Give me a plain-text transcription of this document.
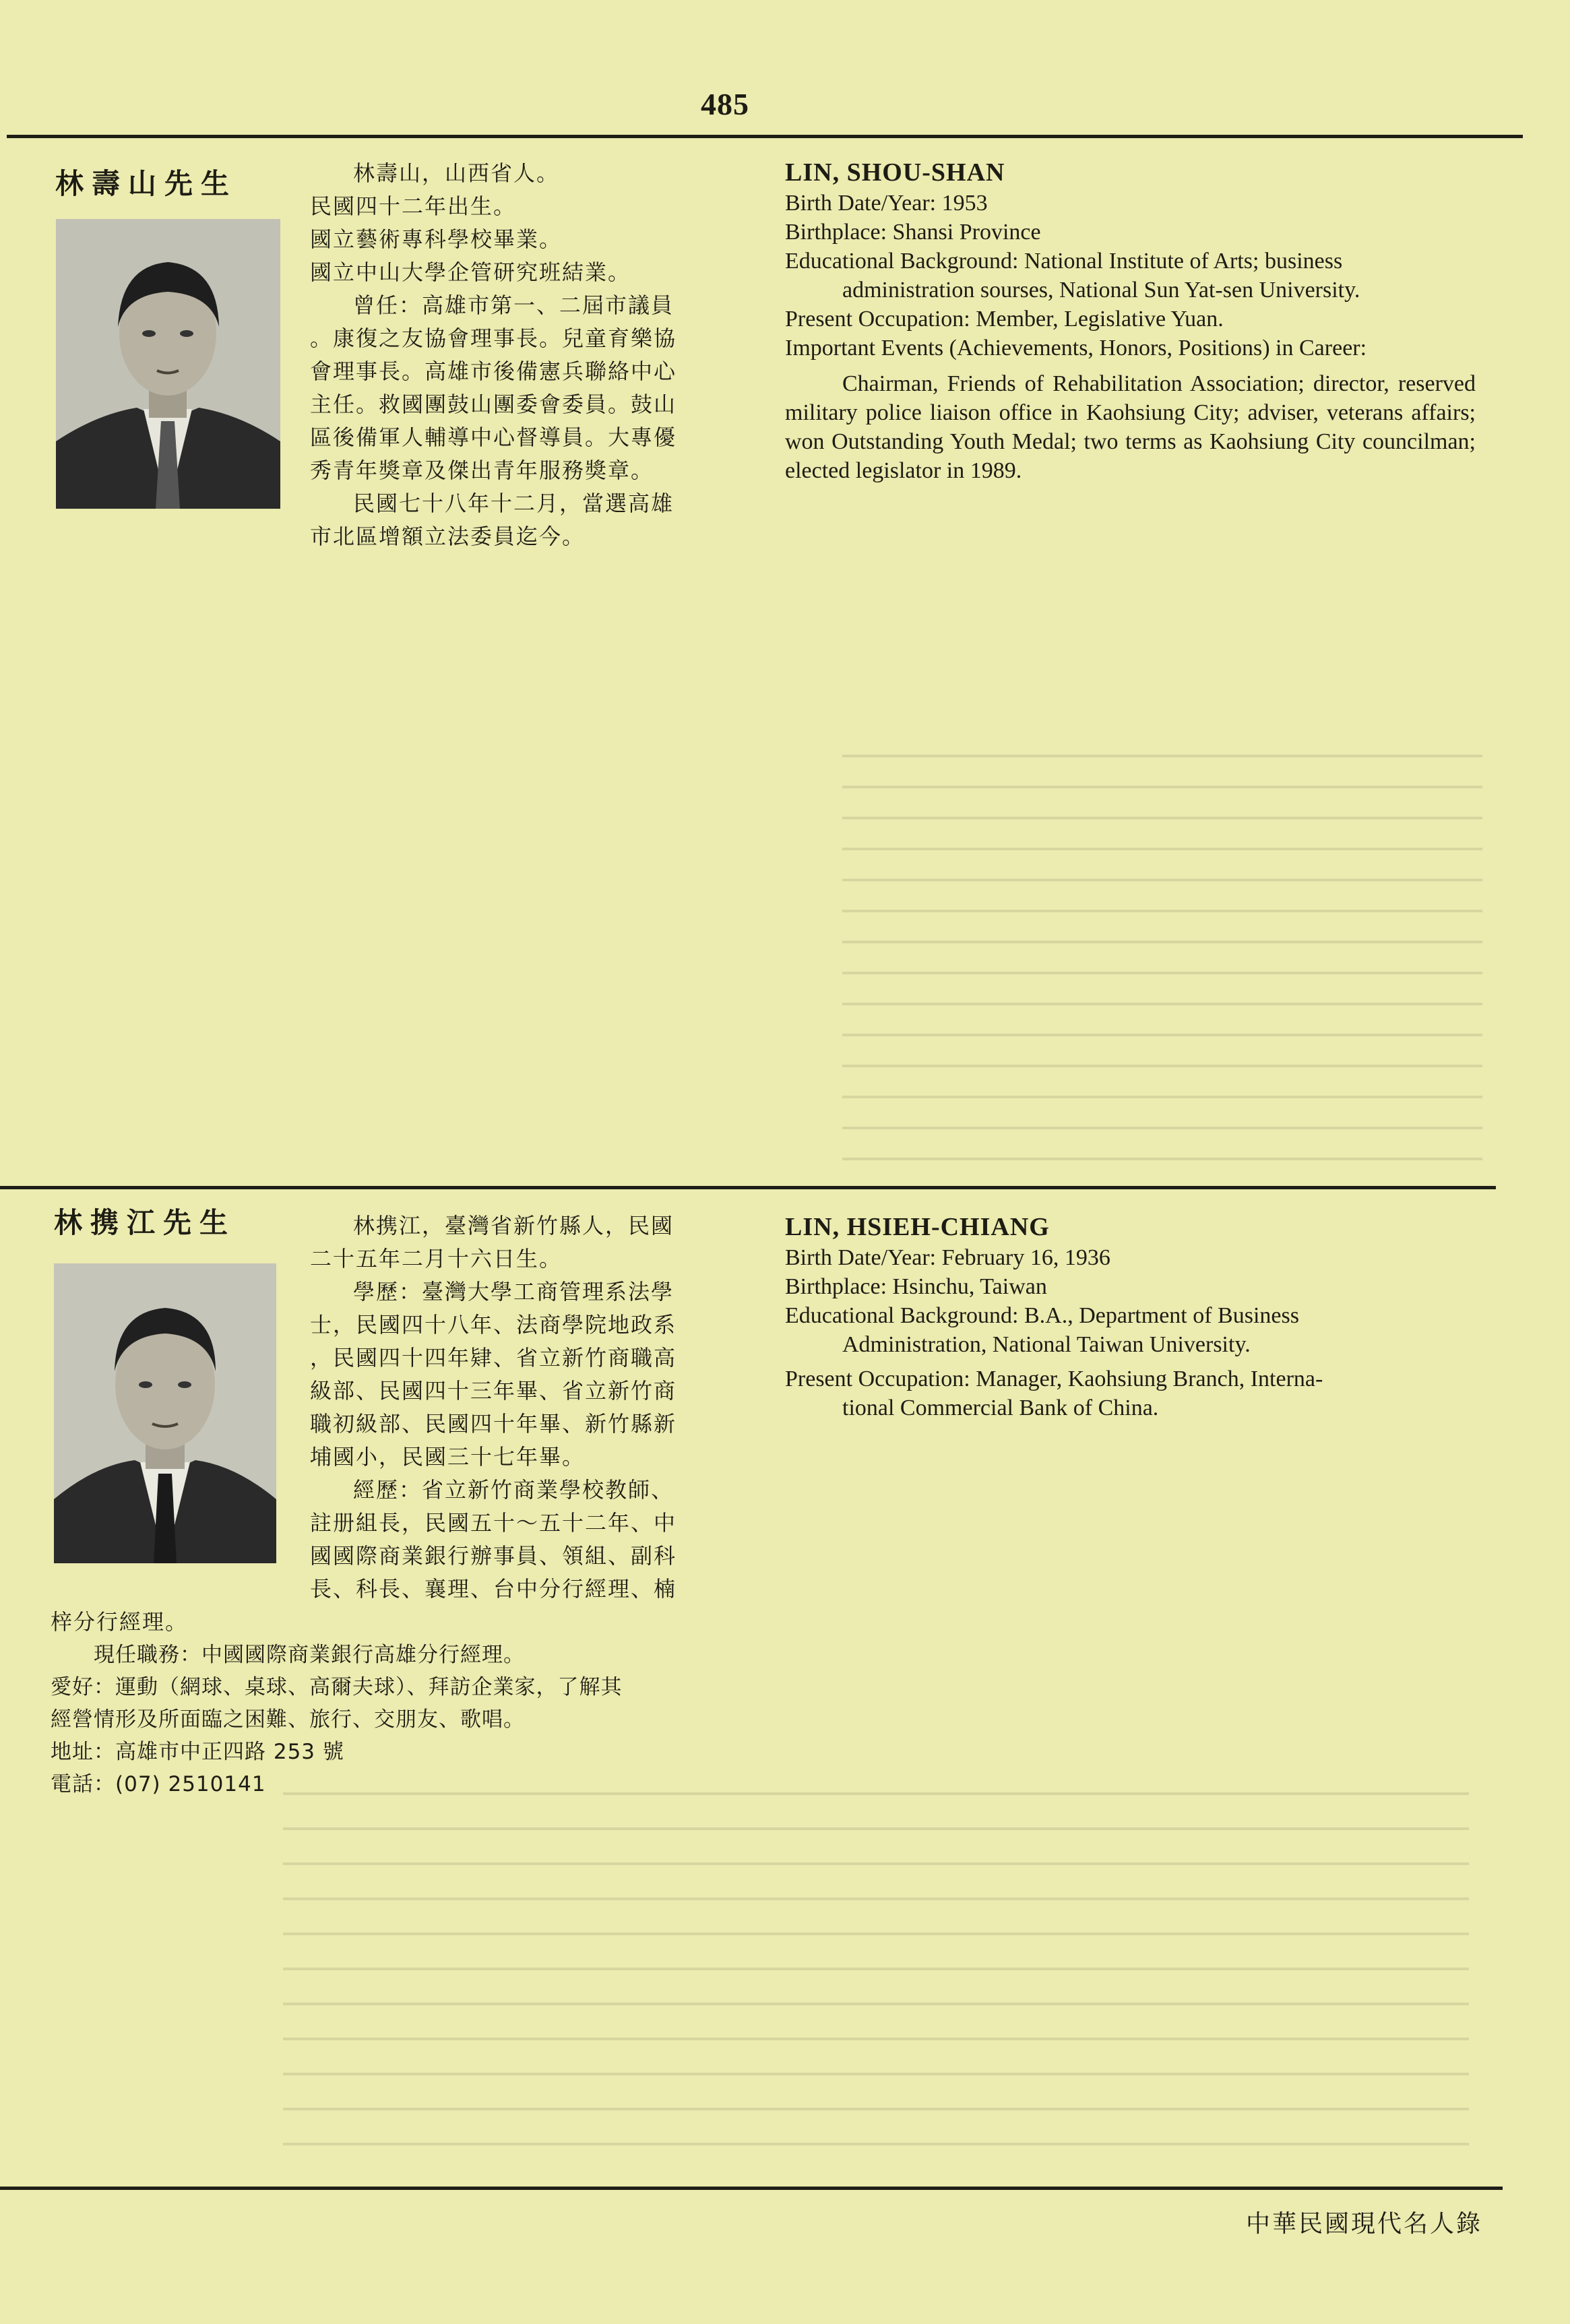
485
林壽山先生	林壽山，山西省人。

民國四十二年出生。

國立藝術專科學校畢業。

國立中山大學企管研究班結業。

曾任：高雄市第一、二屆市議員

。康復之友協會理事長。兒童育樂協

會理事長。高雄市後備憲兵聯絡中心

主任。救國團鼓山團委會委員。鼓山

區後備軍人輔導中心督導員。大專優

秀青年獎章及傑出青年服務獎章。

民國七十八年十二月，當選高雄

市北區增額立法委員迄今。

LIN, SHOU-SHAN

Birth Date/Year: 1953

Birthplace: Shansi Province

Educational Background: National Institute of Arts; business

administration sourses, National Sun Yat-sen University.

Present Occupation: Member, Legislative Yuan.

Important Events (Achievements, Honors, Positions) in Career:

Chairman, Friends of Rehabilitation Association; director, reserved military police liaison office in Kaohsiung City; adviser, veterans affairs; won Outstanding Youth Medal; two terms as Kaohsiung City councilman; elected legislator in 1989.

林携江先生	林携江，臺灣省新竹縣人，民國

二十五年二月十六日生。

學歷：臺灣大學工商管理系法學

士，民國四十八年、法商學院地政系

，民國四十四年肄、省立新竹商職高

級部、民國四十三年畢、省立新竹商

職初級部、民國四十年畢、新竹縣新

埔國小，民國三十七年畢。

經歷：省立新竹商業學校教師、

註册組長，民國五十～五十二年、中

國國際商業銀行辦事員、領組、副科

長、科長、襄理、台中分行經理、楠

梓分行經理。

現任職務：中國國際商業銀行高雄分行經理。

愛好：運動（網球、桌球、高爾夫球）、拜訪企業家，了解其

經營情形及所面臨之困難、旅行、交朋友、歌唱。

地址：高雄市中正四路 253 號

電話：(07) 2510141

LIN, HSIEH-CHIANG

Birth Date/Year: February 16, 1936

Birthplace: Hsinchu, Taiwan

Educational Background: B.A., Department of Business

Administration, National Taiwan University.

Present Occupation: Manager, Kaohsiung Branch, Interna-

tional Commercial Bank of China.

中華民國現代名人錄
